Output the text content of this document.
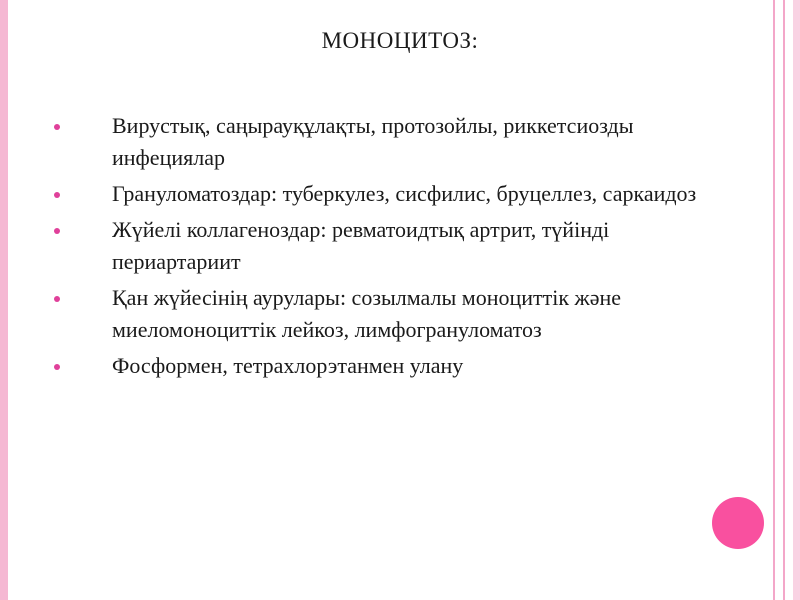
МОНОЦИТОЗ:
Вирустық, саңырауқұлақты, протозойлы, риккетсиозды инфециялар
Грануломатоздар: туберкулез, сисфилис, бруцеллез, саркаидоз
Жүйелі коллагеноздар: ревматоидтық артрит, түйінді периартариит
Қан жүйесінің аурулары: созылмалы моноциттік және миеломоноциттік лейкоз, лимфогрануломатоз
Фосформен, тетрахлорэтанмен улану
